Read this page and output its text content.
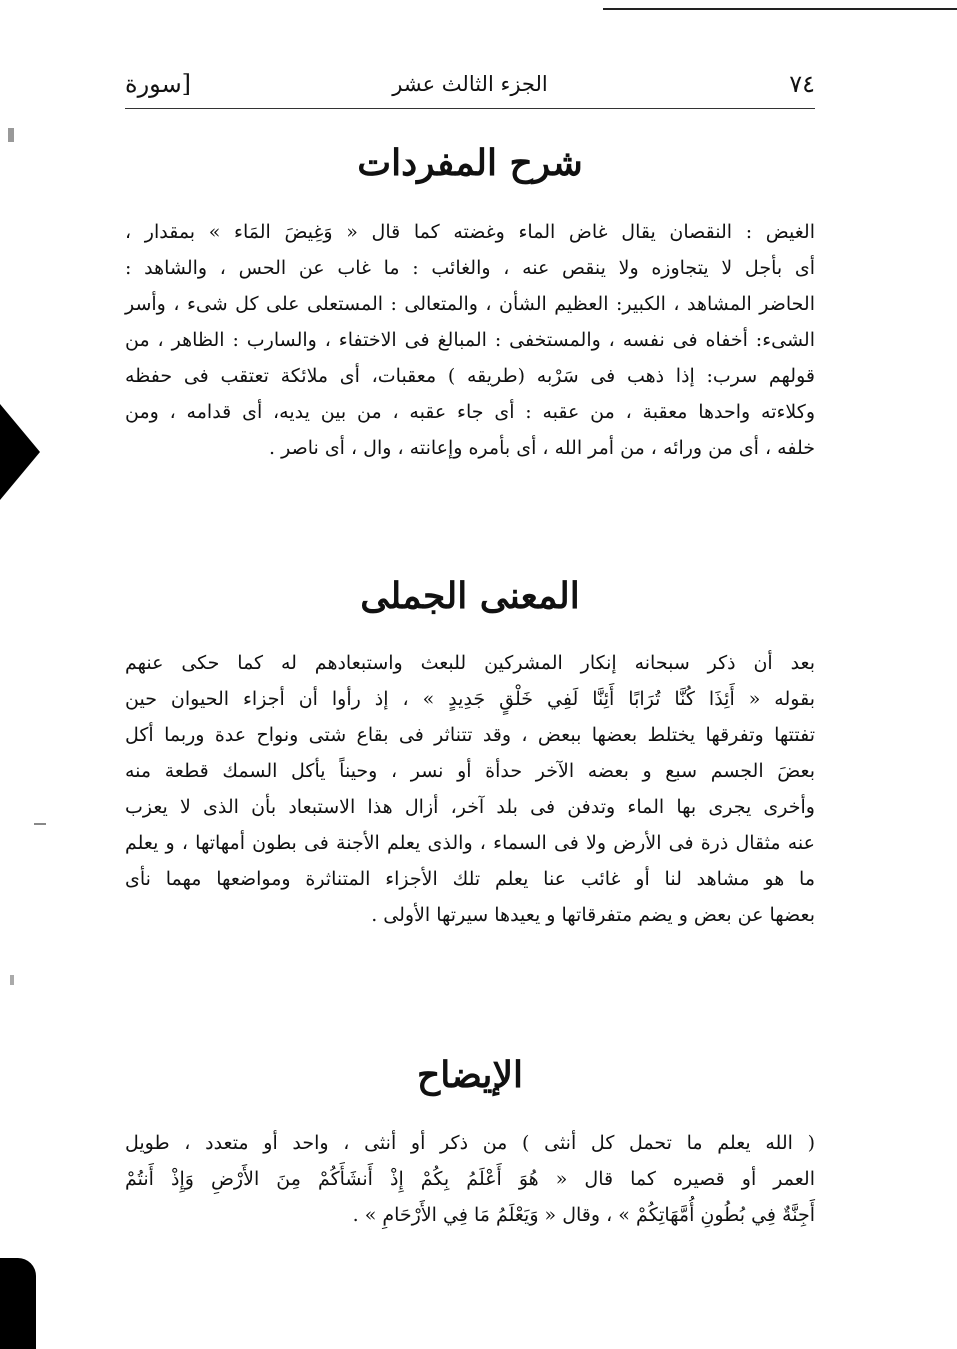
٧٤
الجزء الثالث عشر
[سورة
شرح المفردات
الغيض : النقصان يقال غاض الماء وغضته كما قال « وَغِيضَ المَاء » بمقدار ،
أى بأجل لا يتجاوزه ولا ينقص عنه ، والغائب : ما غاب عن الحس ، والشاهد :
الحاضر المشاهد ، الكبير: العظيم الشأن ، والمتعالى : المستعلى على كل شىء ، وأسر
الشىء: أخفاه فى نفسه ، والمستخفى : المبالغ فى الاختفاء ، والسارب : الظاهر ، من
قولهم سرب: إذا ذهب فى سَرْبه (طريقه ) معقبات، أى ملائكة تعتقب فى حفظه
وكلاءته واحدها معقبة ، من عقبه : أى جاء عقبه ، من بين يديه، أى قدامه ، ومن
خلفه ، أى من ورائه ، من أمر الله ، أى بأمره وإعانته ، وال ، أى ناصر .
المعنى الجملى
بعد أن ذكر سبحانه إنكار المشركين للبعث واستبعادهم له كما حكى عنهم
بقوله « أَئِذَا كُنَّا تُرَابًا أَئِنَّا لَفِي خَلْقٍ جَدِيدٍ » ، إذ رأوا أن أجزاء الحيوان حين
تفتتها وتفرقها يختلط بعضها ببعض ، وقد تتناثر فى بقاع شتى ونواح عدة وربما أكل
بعضَ الجسم سبع و بعضه الآخر حدأة أو نسر ، وحيناً يأكل السمك قطعة منه
وأخرى يجرى بها الماء وتدفن فى بلد آخر، أزال هذا الاستبعاد بأن الذى لا يعزب
عنه مثقال ذرة فى الأرض ولا فى السماء ، والذى يعلم الأجنة فى بطون أمهاتها ، و يعلم
ما هو مشاهد لنا أو غائب عنا يعلم تلك الأجزاء المتناثرة ومواضعها مهما نأى
بعضها عن بعض و يضم متفرقاتها و يعيدها سيرتها الأولى .
الإيضاح
( الله يعلم ما تحمل كل أنثى ) من ذكر أو أنثى ، واحد أو متعدد ، طويل
العمر أو قصيره كما قال « هُوَ أَعْلَمُ بِكُمْ إِذْ أَنشَأَكُمْ مِنَ الأَرْضِ وَإِذْ أَنتُمْ
أَجِنَّةٌ فِي بُطُونِ أُمَّهَاتِكُمْ » ، وقال « وَيَعْلَمُ مَا فِي الأَرْحَامِ » .
